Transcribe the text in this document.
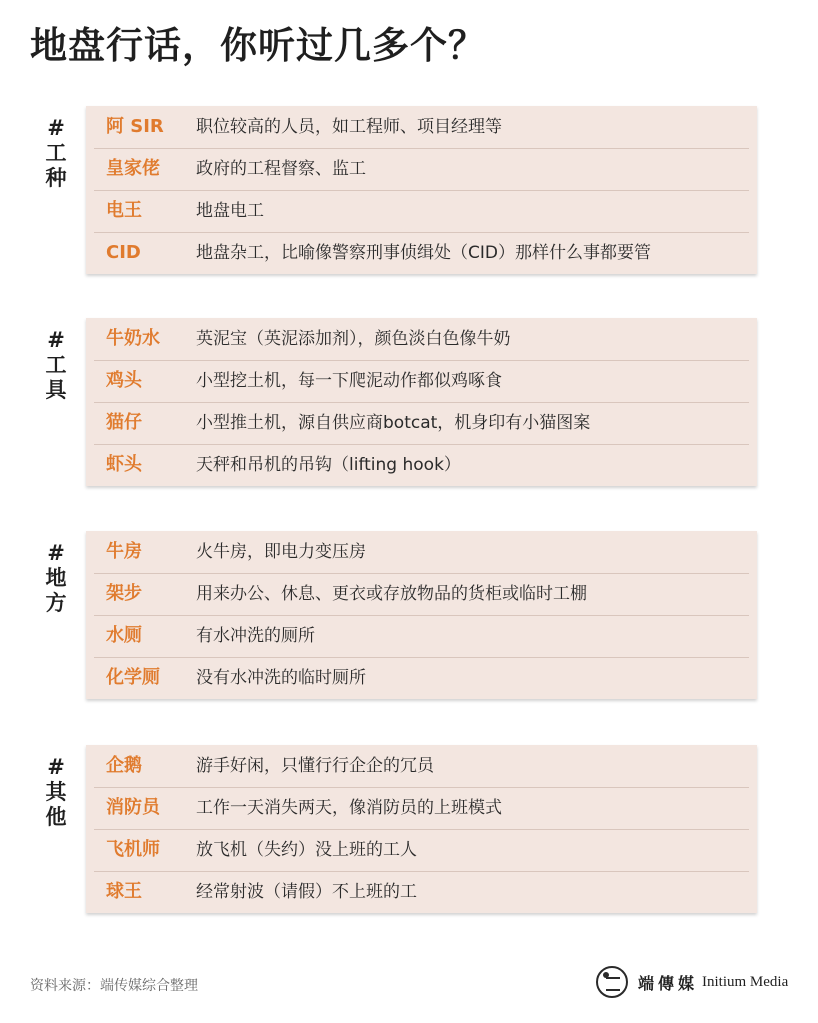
地盘行话，你听过几多个？
#
工
种
阿 SIR 职位较高的人员，如工程师、项目经理等
皇家佬 政府的工程督察、监工
电王	地盘电工
CID	地盘杂工，比喻像警察刑事侦缉处（CID）那样什么事都要管
#
工
具
牛奶水 英泥宝（英泥添加剂），颜色淡白色像牛奶
鸡头	小型挖土机，每一下爬泥动作都似鸡啄食
猫仔	小型推土机，源自供应商botcat，机身印有小猫图案
虾头	天秤和吊机的吊钩（lifting hook）
#
地
方
牛房	火牛房，即电力变压房
架步	用来办公、休息、更衣或存放物品的货柜或临时工棚
水厕	有水冲洗的厕所
化学厕 没有水冲洗的临时厕所
#
其
他
企鹅	游手好闲，只懂行行企企的冗员
消防员 工作一天消失两天，像消防员的上班模式
飞机师 放飞机（失约）没上班的工人
球王	经常射波（请假）不上班的工
资料来源：端传媒综合整理	端傳媒 Initium Media
